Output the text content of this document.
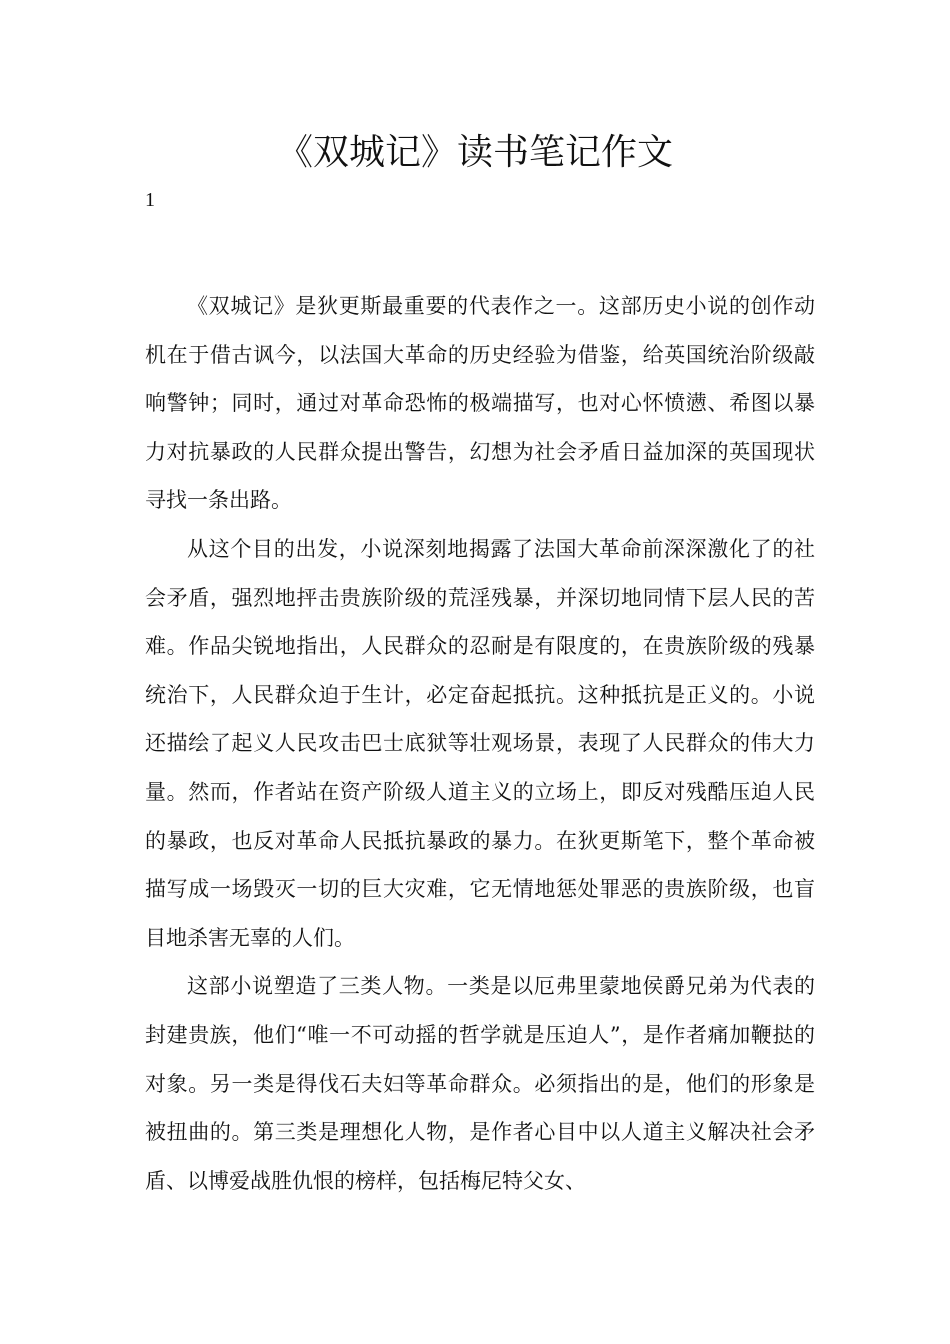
《双城记》读书笔记作文
1

《双城记》是狄更斯最重要的代表作之一。这部历史小说的创作动机在于借古讽今，以法国大革命的历史经验为借鉴，给英国统治阶级敲响警钟；同时，通过对革命恐怖的极端描写，也对心怀愤懑、希图以暴力对抗暴政的人民群众提出警告，幻想为社会矛盾日益加深的英国现状寻找一条出路。

从这个目的出发，小说深刻地揭露了法国大革命前深深激化了的社会矛盾，强烈地抨击贵族阶级的荒淫残暴，并深切地同情下层人民的苦难。作品尖锐地指出，人民群众的忍耐是有限度的，在贵族阶级的残暴统治下，人民群众迫于生计，必定奋起抵抗。这种抵抗是正义的。小说还描绘了起义人民攻击巴士底狱等壮观场景，表现了人民群众的伟大力量。然而，作者站在资产阶级人道主义的立场上，即反对残酷压迫人民的暴政，也反对革命人民抵抗暴政的暴力。在狄更斯笔下，整个革命被描写成一场毁灭一切的巨大灾难，它无情地惩处罪恶的贵族阶级，也盲目地杀害无辜的人们。

这部小说塑造了三类人物。一类是以厄弗里蒙地侯爵兄弟为代表的封建贵族，他们“唯一不可动摇的哲学就是压迫人”，是作者痛加鞭挞的对象。另一类是得伐石夫妇等革命群众。必须指出的是，他们的形象是被扭曲的。第三类是理想化人物，是作者心目中以人道主义解决社会矛盾、以博爱战胜仇恨的榜样，包括梅尼特父女、
